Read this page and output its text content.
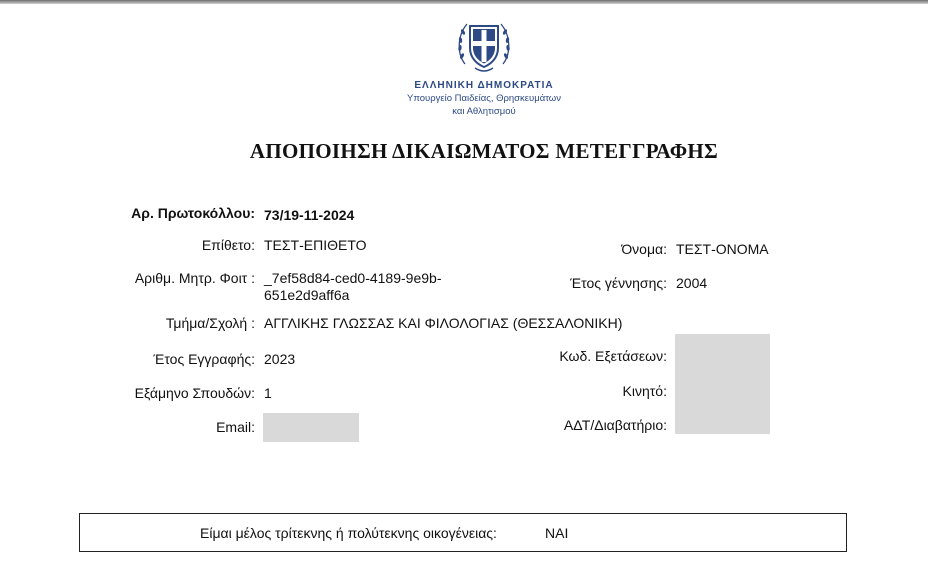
ΕΛΛΗΝΙΚΗ ΔΗΜΟΚΡΑΤΙΑ
Υπουργείο Παιδείας, Θρησκευμάτων
και Αθλητισμού
ΑΠΟΠΟΙΗΣΗ ΔΙΚΑΙΩΜΑΤΟΣ ΜΕΤΕΓΓΡΑΦΗΣ
Αρ. Πρωτοκόλλου: 73/19-11-2024
Επίθετο: ΤΕΣΤ-ΕΠΙΘΕΤΟ	Όνομα: ΤΕΣΤ-ΟΝΟΜΑ
Αριθμ. Μητρ. Φοιτ : _7ef58d84-ced0-4189-9e9b-
651e2d9aff6a
Έτος γέννησης: 2004
Τμήμα/Σχολή : ΑΓΓΛΙΚΗΣ ΓΛΩΣΣΑΣ ΚΑΙ ΦΙΛΟΛΟΓΙΑΣ (ΘΕΣΣΑΛΟΝΙΚΗ)
Έτος Εγγραφής: 2023	Κωδ. Εξετάσεων:
Εξάμηνο Σπουδών: 1	Κινητό:
Email:	ΑΔΤ/Διαβατήριο:
Είμαι μέλος τρίτεκνης ή πολύτεκνης οικογένειας:	ΝΑΙ
